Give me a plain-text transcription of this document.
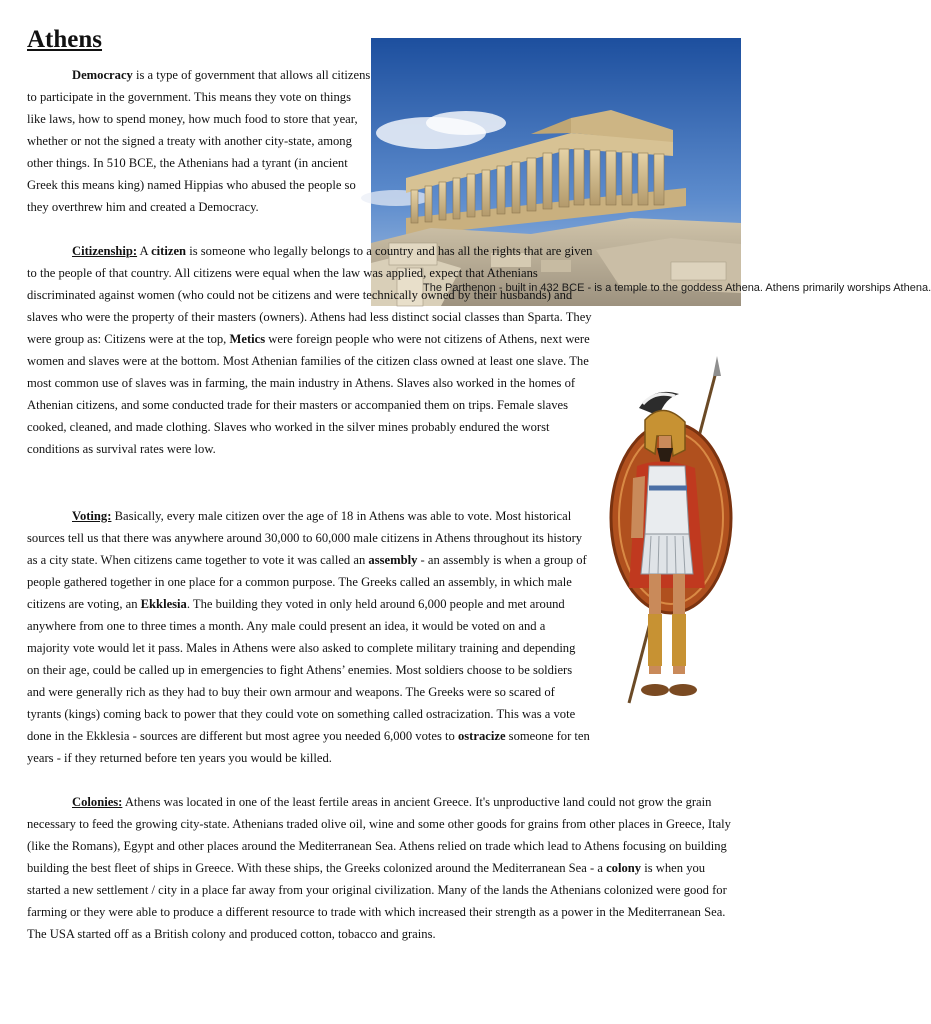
Athens

The Parthenon - built in 432 BCE - is a temple to the goddess Athena. Athens primarily worships Athena.

Democracy is a type of government that allows all citizens to participate in the government. This means they vote on things like laws, how to spend money, how much food to store that year, whether or not the signed a treaty with another city-state, among other things. In 510 BCE, the Athenians had a tyrant (in ancient Greek this means king) named Hippias who abused the people so they overthrew him and created a Democracy.

Citizenship: A citizen is someone who legally belongs to a country and has all the rights that are given to the people of that country. All citizens were equal when the law was applied, expect that Athenians discriminated against women (who could not be citizens and were technically owned by their husbands) and slaves who were the property of their masters (owners). Athens had less distinct social classes than Sparta. They were group as: Citizens were at the top, Metics were foreign people who were not citizens of Athens, next were women and slaves were at the bottom. Most Athenian families of the citizen class owned at least one slave. The most common use of slaves was in farming, the main industry in Athens. Slaves also worked in the homes of Athenian citizens, and some conducted trade for their masters or accompanied them on trips. Female slaves cooked, cleaned, and made clothing. Slaves who worked in the silver mines probably endured the worst conditions as survival rates were low.

Voting: Basically, every male citizen over the age of 18 in Athens was able to vote. Most historical sources tell us that there was anywhere around 30,000 to 60,000 male citizens in Athens throughout its history as a city state. When citizens came together to vote it was called an assembly - an assembly is when a group of people gathered together in one place for a common purpose. The Greeks called an assembly, in which male citizens are voting, an Ekklesia. The building they voted in only held around 6,000 people and met around anywhere from one to three times a month. Any male could present an idea, it would be voted on and a majority vote would let it pass. Males in Athens were also asked to complete military training and depending on their age, could be called up in emergencies to fight Athens’ enemies. Most soldiers choose to be soldiers and were generally rich as they had to buy their own armour and weapons. The Greeks were so scared of tyrants (kings) coming back to power that they could vote on something called ostracization. This was a vote done in the Ekklesia - sources are different but most agree you needed 6,000 votes to ostracize someone for ten years - if they returned before ten years you would be killed.

Colonies: Athens was located in one of the least fertile areas in ancient Greece. It's unproductive land could not grow the grain necessary to feed the growing city-state. Athenians traded olive oil, wine and some other goods for grains from other places in Greece, Italy (like the Romans), Egypt and other places around the Mediterranean Sea. Athens relied on trade which lead to Athens focusing on building building the best fleet of ships in Greece. With these ships, the Greeks colonized around the Mediterranean Sea - a colony is when you started a new settlement / city in a place far away from your original civilization. Many of the lands the Athenians colonized were good for farming or they were able to produce a different resource to trade with which increased their strength as a power in the Mediterranean Sea. The USA started off as a British colony and produced cotton, tobacco and grains.
